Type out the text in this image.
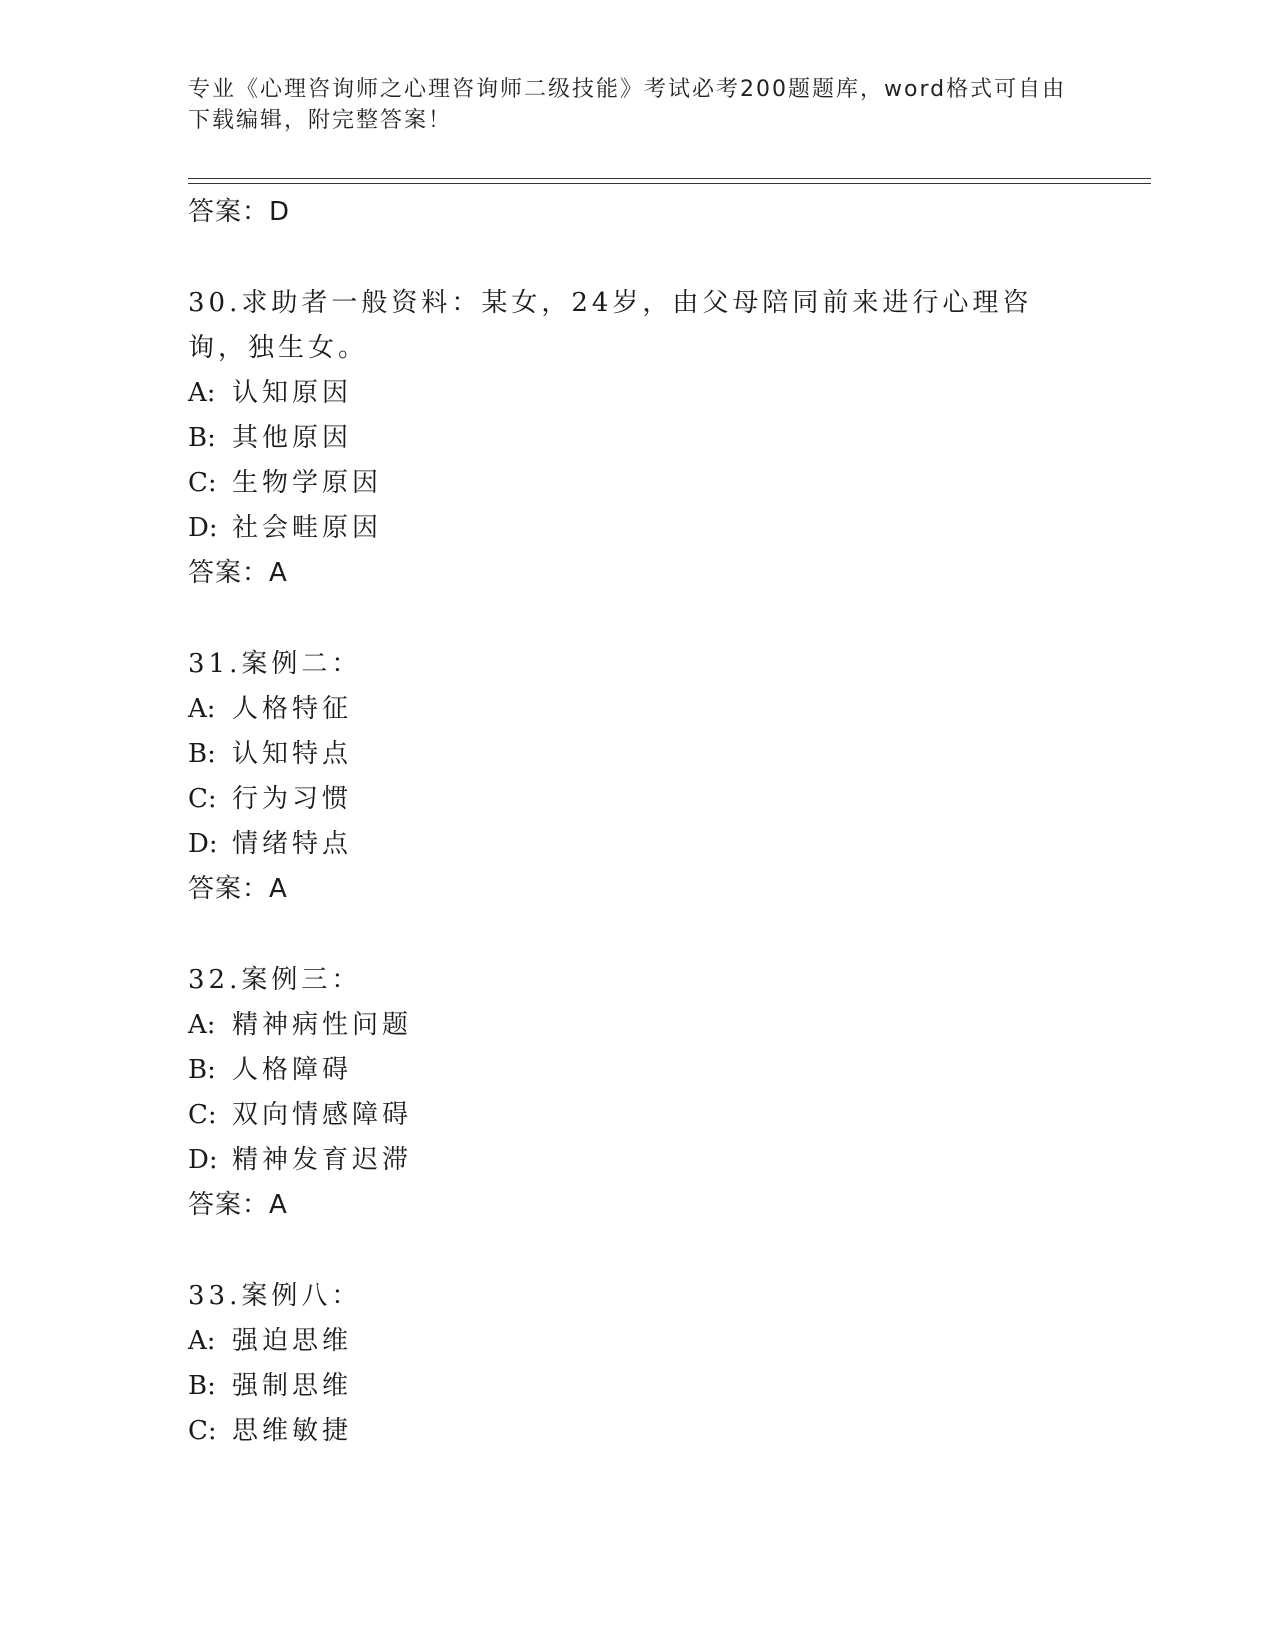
专业《心理咨询师之心理咨询师二级技能》考试必考200题题库，word格式可自由下载编辑，附完整答案！
答案：D
30.求助者一般资料：某女，24岁，由父母陪同前来进行心理咨询，独生女。
A: 认知原因
B: 其他原因
C: 生物学原因
D: 社会畦原因
答案：A
31.案例二：
A: 人格特征
B: 认知特点
C: 行为习惯
D: 情绪特点
答案：A
32.案例三：
A: 精神病性问题
B: 人格障碍
C: 双向情感障碍
D: 精神发育迟滞
答案：A
33.案例八：
A: 强迫思维
B: 强制思维
C: 思维敏捷
